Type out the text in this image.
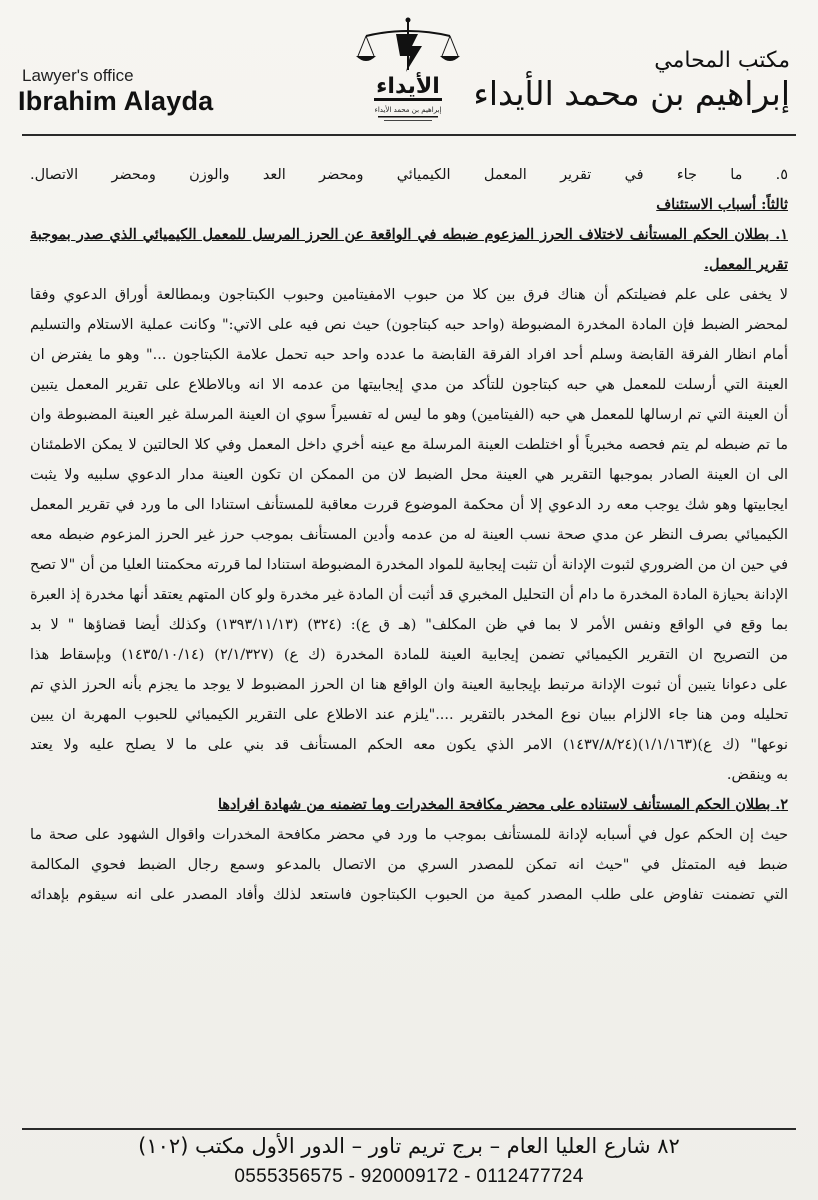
Lawyer's office
Ibrahim Alayda	الأيداء
إبراهيم بن محمد الأيداء
مكتب المحامي
إبراهيم بن محمد الأيداء
٥. ما جاء في تقرير المعمل الكيميائي ومحضر العد والوزن ومحضر الاتصال.
ثالثاً: أسباب الاستئناف
١. بطلان الحكم المستأنف لاختلاف الحرز المزعوم ضبطه في الواقعة عن الحرز المرسل للمعمل الكيميائي الذي صدر بموجبة
تقرير المعمل.
لا يخفى على علم فضيلتكم أن هناك فرق بين كلا من حبوب الامفيتامين وحبوب الكبتاجون وبمطالعة أوراق الدعوي وفقا
لمحضر الضبط فإن المادة المخدرة المضبوطة (واحد حبه كبتاجون) حيث نص فيه على الاتي:" وكانت عملية الاستلام والتسليم
أمام انظار الفرقة القابضة وسلم أحد افراد الفرقة القابضة ما عدده واحد حبه تحمل علامة الكبتاجون ..." وهو ما يفترض ان
العينة التي أرسلت للمعمل هي حبه كبتاجون للتأكد من مدي إيجابيتها من عدمه الا انه وبالاطلاع على تقرير المعمل يتبين
أن العينة التي تم ارسالها للمعمل هي حبه (الفيتامين) وهو ما ليس له تفسيراً سوي ان العينة المرسلة غير العينة المضبوطة وان
ما تم ضبطه لم يتم فحصه مخبرياً أو اختلطت العينة المرسلة مع عينه أخري داخل المعمل وفي كلا الحالتين لا يمكن الاطمئنان
الى ان العينة الصادر بموجبها التقرير هي العينة محل الضبط لان من الممكن ان تكون العينة مدار الدعوي سلبيه ولا يثبت
ايجابيتها وهو شك يوجب معه رد الدعوي إلا أن محكمة الموضوع قررت معاقبة للمستأنف استنادا الى ما ورد في تقرير المعمل
الكيميائي بصرف النظر عن مدي صحة نسب العينة له من عدمه وأدين المستأنف بموجب حرز غير الحرز المزعوم ضبطه معه
في حين ان من الضروري لثبوت الإدانة أن تثبت إيجابية للمواد المخدرة المضبوطة استنادا لما قررته محكمتنا العليا من أن "لا تصح
الإدانة بحيازة المادة المخدرة ما دام أن التحليل المخبري قد أثبت أن المادة غير مخدرة ولو كان المتهم يعتقد أنها مخدرة إذ العبرة
بما وقع في الواقع ونفس الأمر لا بما في ظن المكلف" (هـ ق ع): (٣٢٤) (١٣٩٣/١١/١٣) وكذلك أيضا قضاؤها " لا بد
من التصريح ان التقرير الكيميائي تضمن إيجابية العينة للمادة المخدرة (ك ع) (٢/١/٣٢٧) (١٤٣٥/١٠/١٤) وبإسقاط هذا
على دعوانا يتبين أن ثبوت الإدانة مرتبط بإيجابية العينة وان الواقع هنا ان الحرز المضبوط لا يوجد ما يجزم بأنه الحرز الذي تم
تحليله ومن هنا جاء الالزام ببيان نوع المخدر بالتقرير ...."يلزم عند الاطلاع على التقرير الكيميائي للحبوب المهربة ان يبين
نوعها" (ك ع)(١/١/١٦٣)(١٤٣٧/٨/٢٤) الامر الذي يكون معه الحكم المستأنف قد بني على ما لا يصلح عليه ولا يعتد
به وينقض.
٢. بطلان الحكم المستأنف لاستناده على محضر مكافحة المخدرات وما تضمنه من شهادة افرادها
حيث إن الحكم عول في أسبابه لإدانة للمستأنف بموجب ما ورد في محضر مكافحة المخدرات واقوال الشهود على صحة ما
ضبط فيه المتمثل في "حيث انه تمكن للمصدر السري من الاتصال بالمدعو وسمع رجال الضبط فحوي المكالمة
التي تضمنت تفاوض على طلب المصدر كمية من الحبوب الكبتاجون فاستعد لذلك وأفاد المصدر على انه سيقوم بإهدائه
٨٢ شارع العليا العام – برج تريم تاور – الدور الأول مكتب (١٠٢)
0555356575 - 920009172 - 0112477724
